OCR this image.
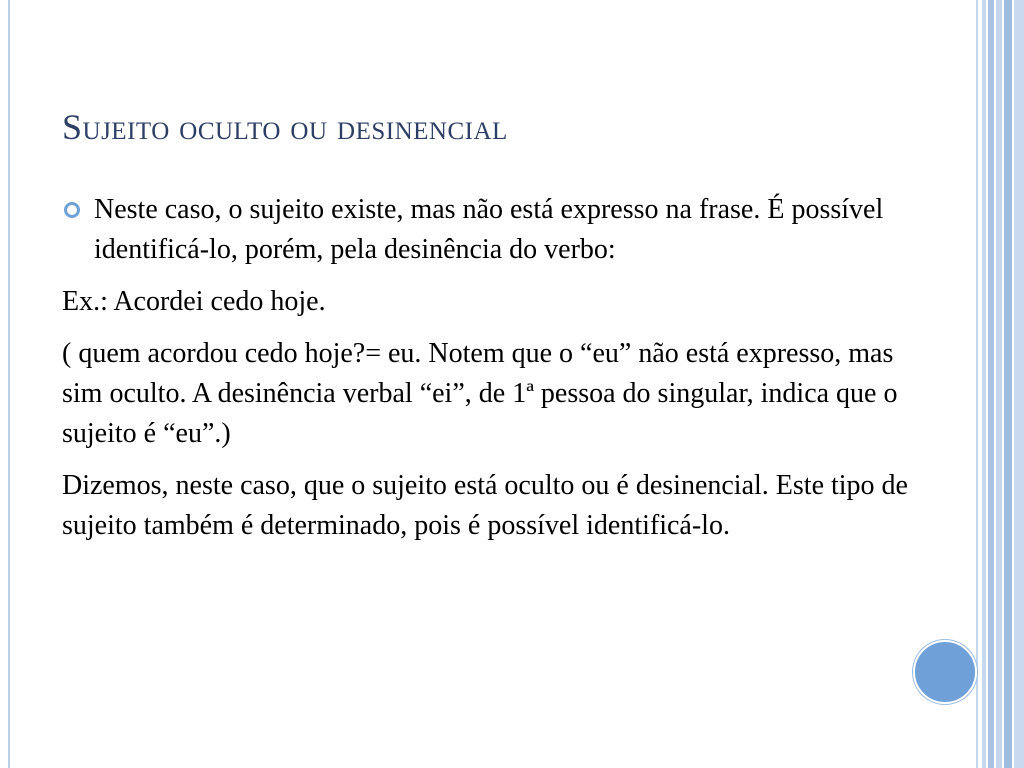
Sujeito oculto ou desinencial
Neste caso, o sujeito existe, mas não está expresso na frase. É possível identificá-lo, porém, pela desinência do verbo:

Ex.: Acordei cedo hoje.

( quem acordou cedo hoje?= eu. Notem que o “eu” não está expresso, mas sim oculto. A desinência verbal “ei”, de 1ª pessoa do singular, indica que o sujeito é “eu”.)

Dizemos, neste caso, que o sujeito está oculto ou é desinencial. Este tipo de sujeito também é determinado, pois é possível identificá-lo.
